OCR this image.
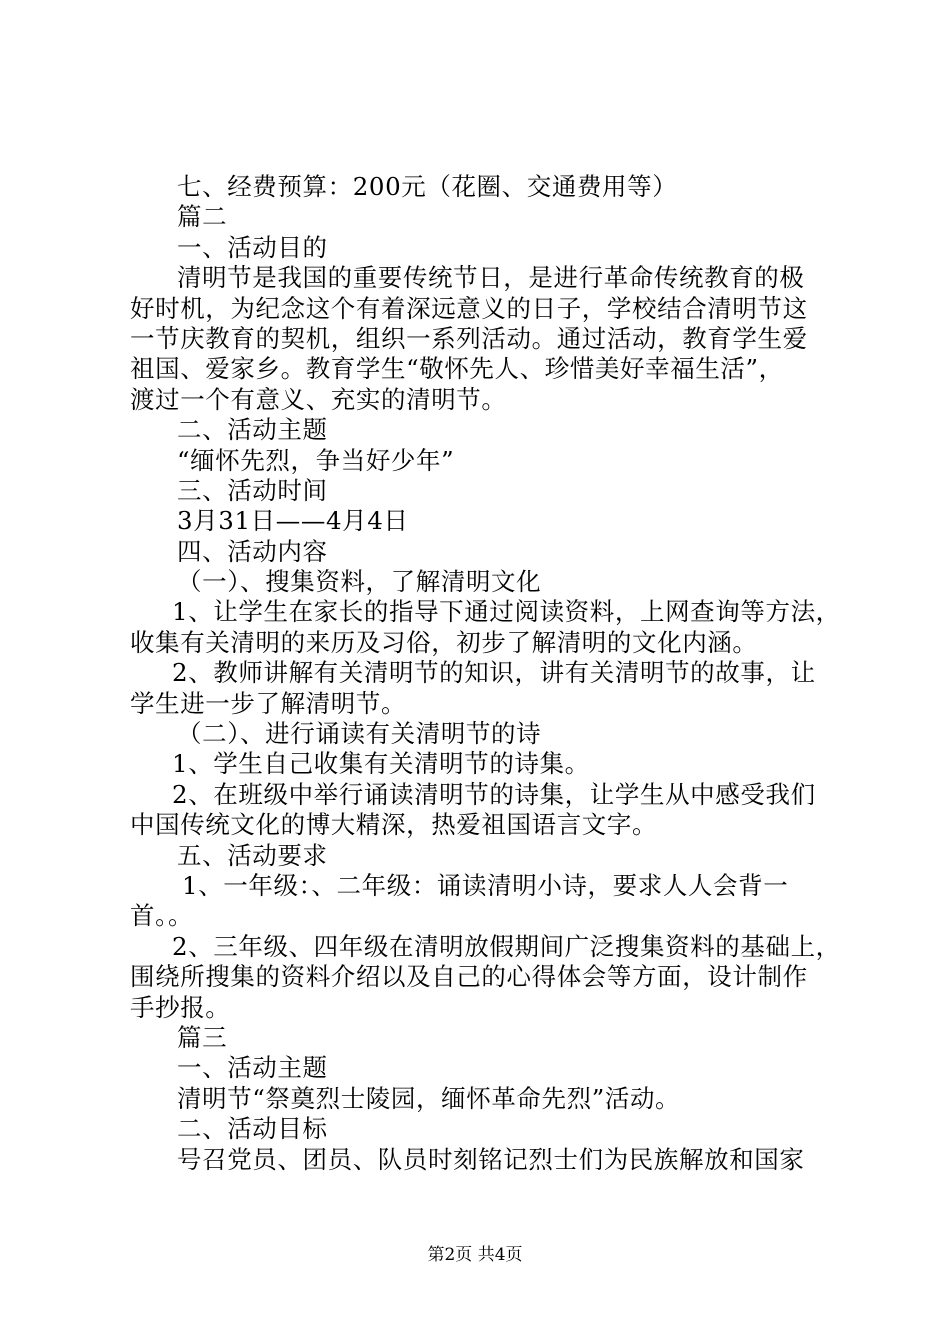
七、经费预算：200元（花圈、交通费用等）
篇二
一、活动目的
清明节是我国的重要传统节日，是进行革命传统教育的极
好时机，为纪念这个有着深远意义的日子，学校结合清明节这
一节庆教育的契机，组织一系列活动。通过活动，教育学生爱
祖国、爱家乡。教育学生“敬怀先人、珍惜美好幸福生活”，
渡过一个有意义、充实的清明节。
二、活动主题
“缅怀先烈，争当好少年”
三、活动时间
3月31日——4月4日
四、活动内容
（一）、搜集资料，了解清明文化
1、让学生在家长的指导下通过阅读资料，上网查询等方法，
收集有关清明的来历及习俗，初步了解清明的文化内涵。
2、教师讲解有关清明节的知识，讲有关清明节的故事，让
学生进一步了解清明节。
（二）、进行诵读有关清明节的诗
1、学生自己收集有关清明节的诗集。
2、在班级中举行诵读清明节的诗集，让学生从中感受我们
中国传统文化的博大精深，热爱祖国语言文字。
五、活动要求
1、一年级：、二年级：诵读清明小诗，要求人人会背一
首。。
2、三年级、四年级在清明放假期间广泛搜集资料的基础上，
围绕所搜集的资料介绍以及自己的心得体会等方面，设计制作
手抄报。
篇三
一、活动主题
清明节“祭奠烈士陵园，缅怀革命先烈”活动。
二、活动目标
号召党员、团员、队员时刻铭记烈士们为民族解放和国家
第2页 共4页
